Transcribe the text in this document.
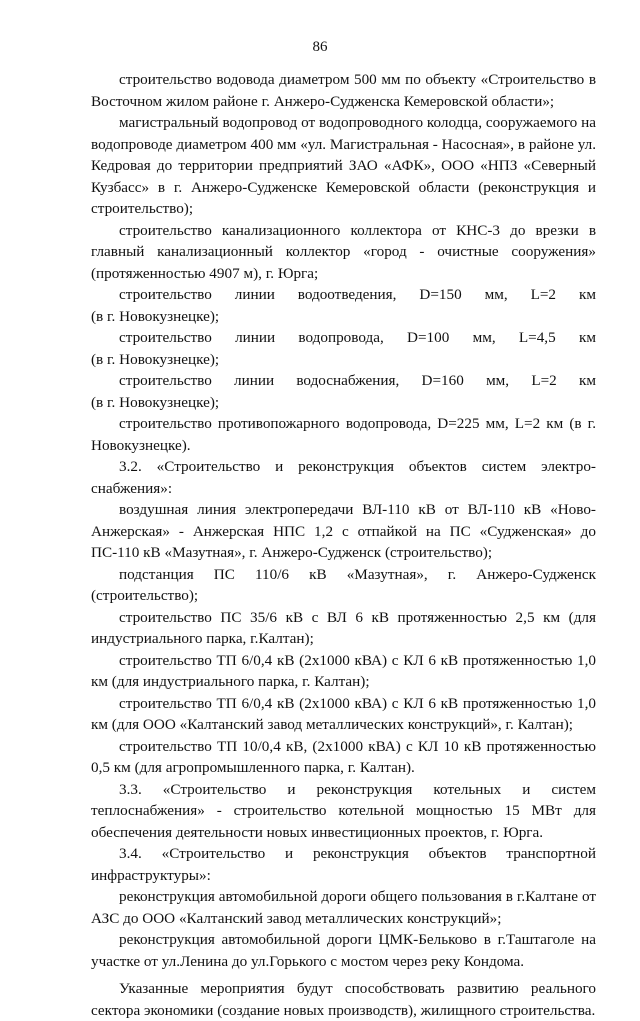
86

строительство водовода диаметром 500 мм по объекту «Строительство в Восточном жилом районе г. Анжеро-Судженска Кемеровской области»;

магистральный водопровод от водопроводного колодца, сооружаемого на водопроводе диаметром 400 мм «ул. Магистральная - Насосная», в районе ул. Кедровая до территории предприятий ЗАО «АФК», ООО «НПЗ «Северный Кузбасс» в г. Анжеро-Судженске Кемеровской области (реконструкция и строительство);

строительство канализационного коллектора от КНС-3 до врезки в главный канализационный коллектор «город - очистные сооружения» (протяженностью 4907 м), г. Юрга;

строительство линии водоотведения, D=150 мм, L=2 км

(в г. Новокузнецке);

строительство линии водопровода, D=100 мм, L=4,5 км

(в г. Новокузнецке);

строительство линии водоснабжения, D=160 мм, L=2 км

(в г. Новокузнецке);

строительство противопожарного водопровода, D=225 мм, L=2 км (в г. Новокузнецке).

3.2. «Строительство и реконструкция объектов систем электро-снабжения»:

воздушная линия электропередачи ВЛ-110 кВ от ВЛ-110 кВ «Ново-Анжерская» - Анжерская НПС 1,2 с отпайкой на ПС «Судженская» до ПС-110 кВ «Мазутная», г. Анжеро-Судженск (строительство);

подстанция ПС 110/6 кВ «Мазутная», г. Анжеро-Судженск (строительство);

строительство ПС 35/6 кВ с ВЛ 6 кВ протяженностью 2,5 км (для индустриального парка, г.Калтан);

строительство ТП 6/0,4 кВ (2х1000 кВА) с КЛ 6 кВ протяженностью 1,0 км (для индустриального парка, г. Калтан);

строительство ТП 6/0,4 кВ (2х1000 кВА) с КЛ 6 кВ протяженностью 1,0 км (для ООО «Калтанский завод металлических конструкций», г. Калтан);

строительство ТП 10/0,4 кВ, (2х1000 кВА) с КЛ 10 кВ протяженностью 0,5 км (для агропромышленного парка, г. Калтан).

3.3. «Строительство и реконструкция котельных и систем теплоснабжения» - строительство котельной мощностью 15 МВт для обеспечения деятельности новых инвестиционных проектов, г. Юрга.

3.4. «Строительство и реконструкция объектов транспортной инфраструктуры»:

реконструкция автомобильной дороги общего пользования в г.Калтане от АЗС до ООО «Калтанский завод металлических конструкций»;

реконструкция автомобильной дороги ЦМК-Бельково в г.Таштаголе на участке от ул.Ленина до ул.Горького с мостом через реку Кондома.

Указанные мероприятия будут способствовать развитию реального сектора экономики (создание новых производств), жилищного строительства.
